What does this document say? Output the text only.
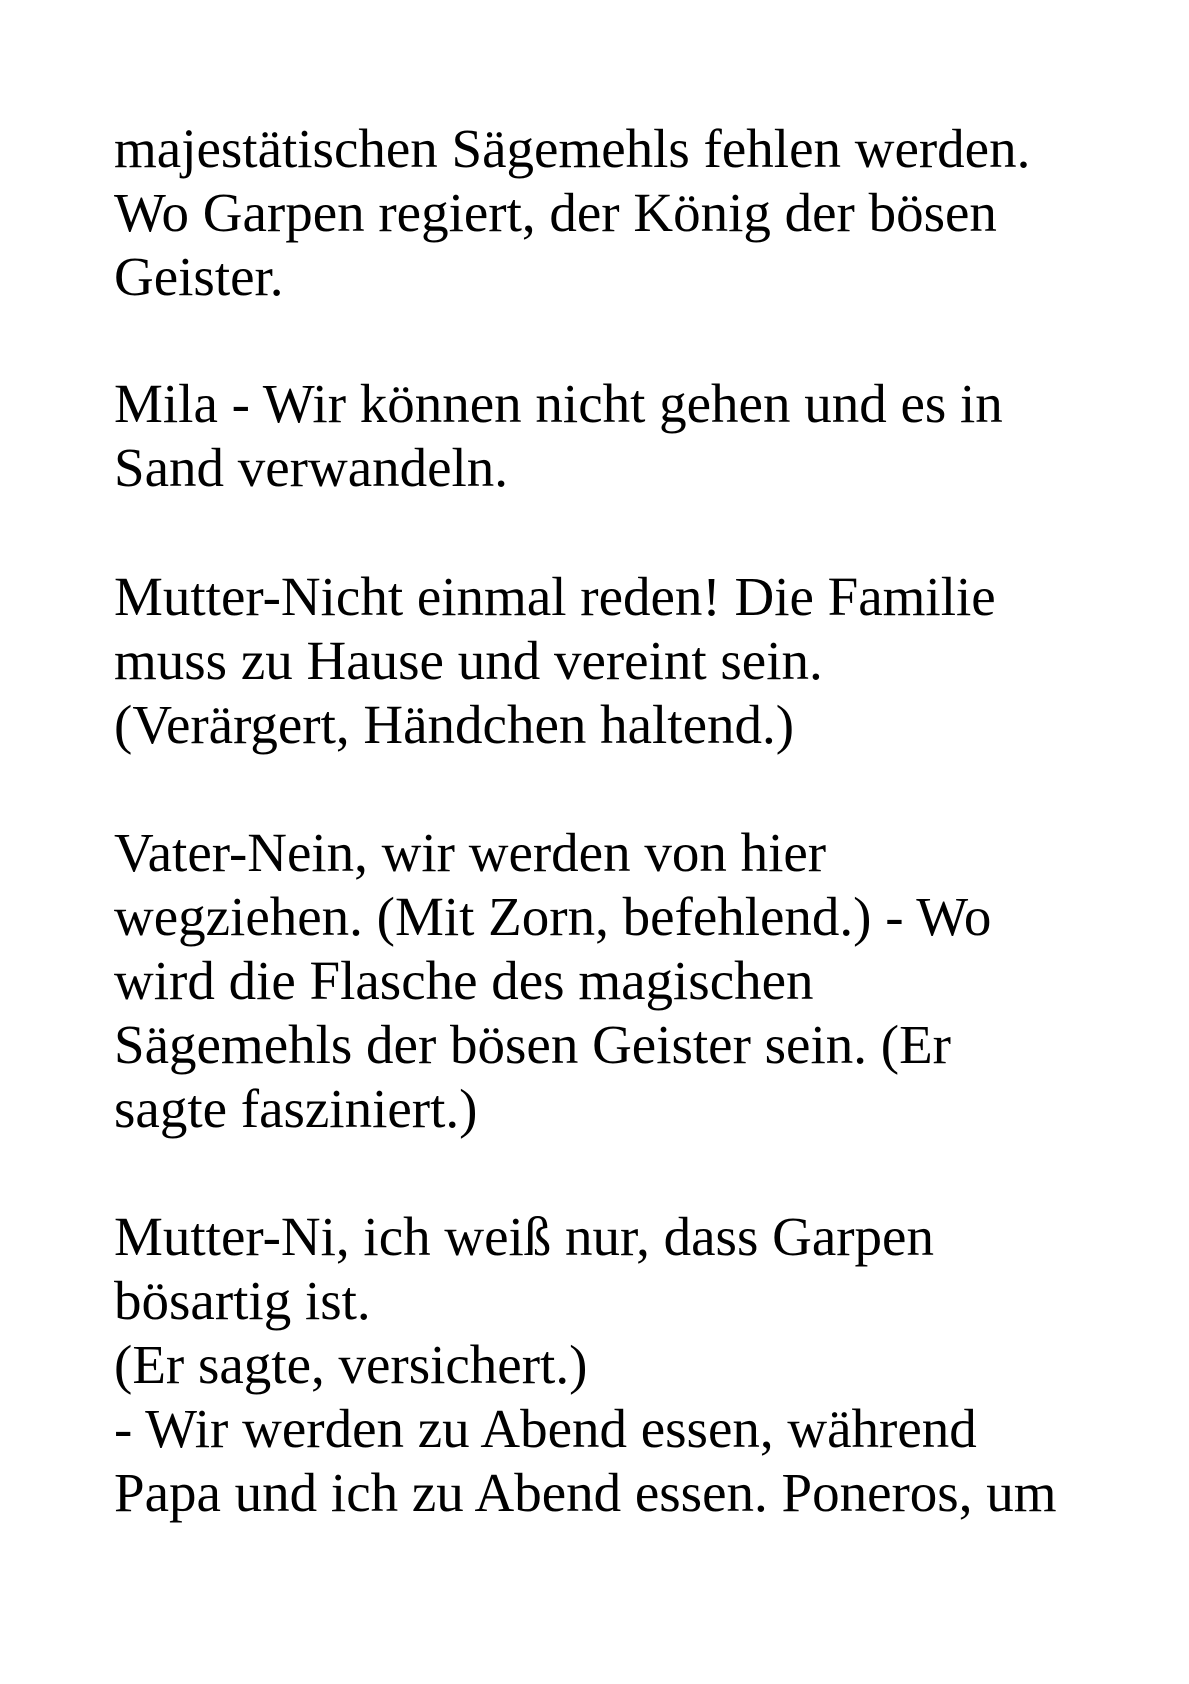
majestätischen Sägemehls fehlen werden.

Wo Garpen regiert, der König der bösen

Geister.

Mila - Wir können nicht gehen und es in

Sand verwandeln.

Mutter-Nicht einmal reden! Die Familie

muss zu Hause und vereint sein.

(Verärgert, Händchen haltend.)

Vater-Nein, wir werden von hier

wegziehen. (Mit Zorn, befehlend.) - Wo

wird die Flasche des magischen

Sägemehls der bösen Geister sein. (Er

sagte fasziniert.)

Mutter-Ni, ich weiß nur, dass Garpen

bösartig ist.

(Er sagte, versichert.)

- Wir werden zu Abend essen, während

Papa und ich zu Abend essen. Poneros, um
